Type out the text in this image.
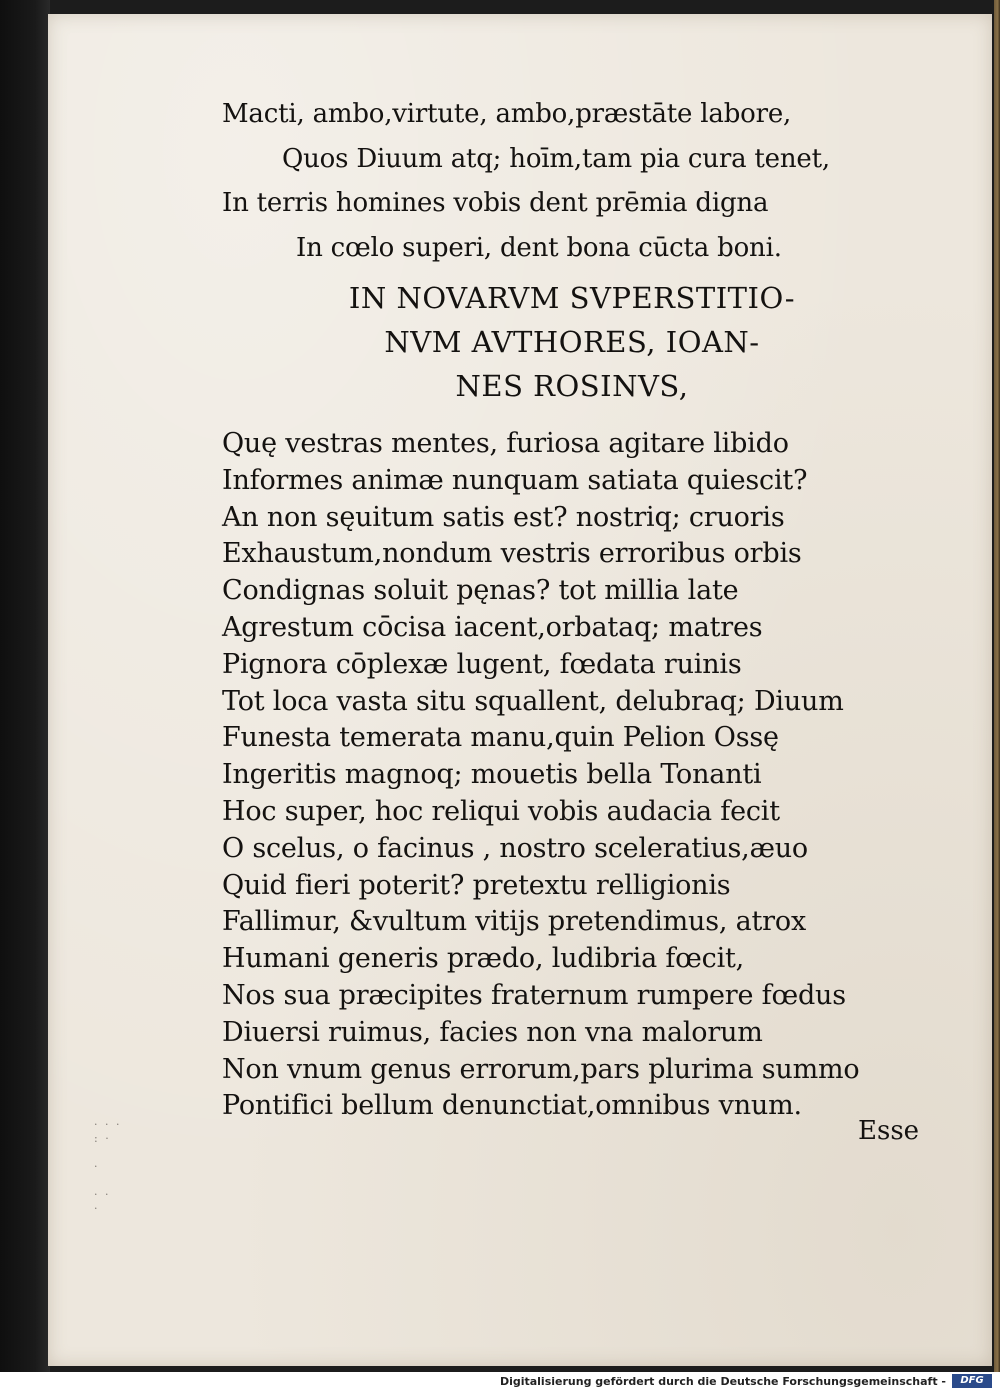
· · ·
: ·

·

· ·
·
Macti, ambo,virtute, ambo,præstāte labore,
Quos Diuum atq; hoīm,tam pia cura tenet,
In terris homines vobis dent prēmia digna
In cœlo superi, dent bona cūcta boni.
IN NOVARVM SVPERSTITIO-
NVM AVTHORES, IOAN-
NES ROSINVS,
Quę vestras mentes, furiosa agitare libido
Informes animæ nunquam satiata quiescit?
An non sęuitum satis est? nostriq; cruoris
Exhaustum,nondum vestris erroribus orbis
Condignas soluit pęnas? tot millia late
Agrestum cōcisa iacent,orbataq; matres
Pignora cōplexæ lugent, fœdata ruinis
Tot loca vasta situ squallent, delubraq; Diuum
Funesta temerata manu,quin Pelion Ossę
Ingeritis magnoq; mouetis bella Tonanti
Hoc super, hoc reliqui vobis audacia fecit
O scelus, o facinus , nostro sceleratius,æuo
Quid fieri poterit? pretextu relligionis
Fallimur, &vultum vitijs pretendimus, atrox
Humani generis prædo, ludibria fœcit,
Nos sua præcipites fraternum rumpere fœdus
Diuersi ruimus, facies non vna malorum
Non vnum genus errorum,pars plurima summo
Pontifici bellum denunctiat,omnibus vnum.
Esse
Digitalisierung gefördert durch die Deutsche Forschungsgemeinschaft -	DFG
